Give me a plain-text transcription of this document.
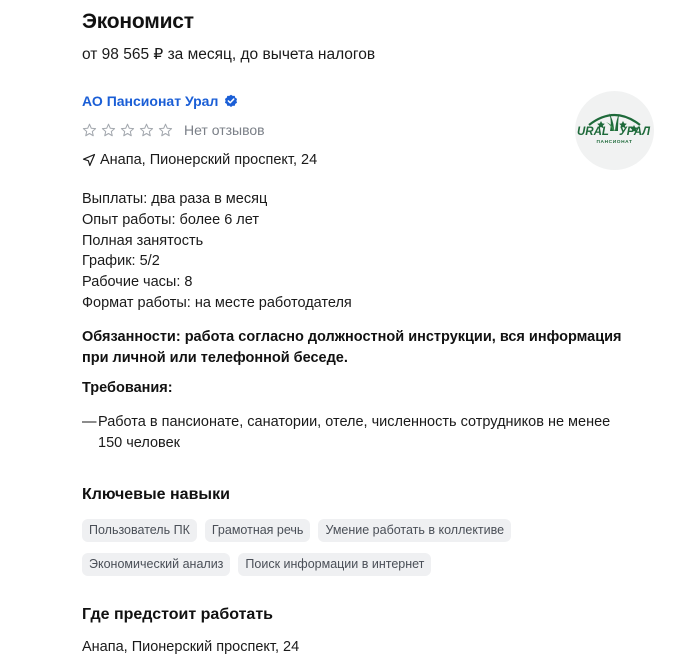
Экономист
от 98 565 ₽ за месяц, до вычета налогов
АО Пансионат Урал
Нет отзывов
Анапа, Пионерский проспект, 24
URAL УРАЛ
ПАНСИОНАТ
Выплаты: два раза в месяц
Опыт работы: более 6 лет
Полная занятость
График: 5/2
Рабочие часы: 8
Формат работы: на месте работодателя
Обязанности: работа согласно должностной инструкции, вся информация при личной или телефонной беседе.
Требования:
— Работа в пансионате, санатории, отеле, численность сотрудников не менее 150 человек
Ключевые навыки
Пользователь ПК	Грамотная речь	Умение работать в коллективе
Экономический анализ	Поиск информации в интернет
Где предстоит работать
Анапа, Пионерский проспект, 24
